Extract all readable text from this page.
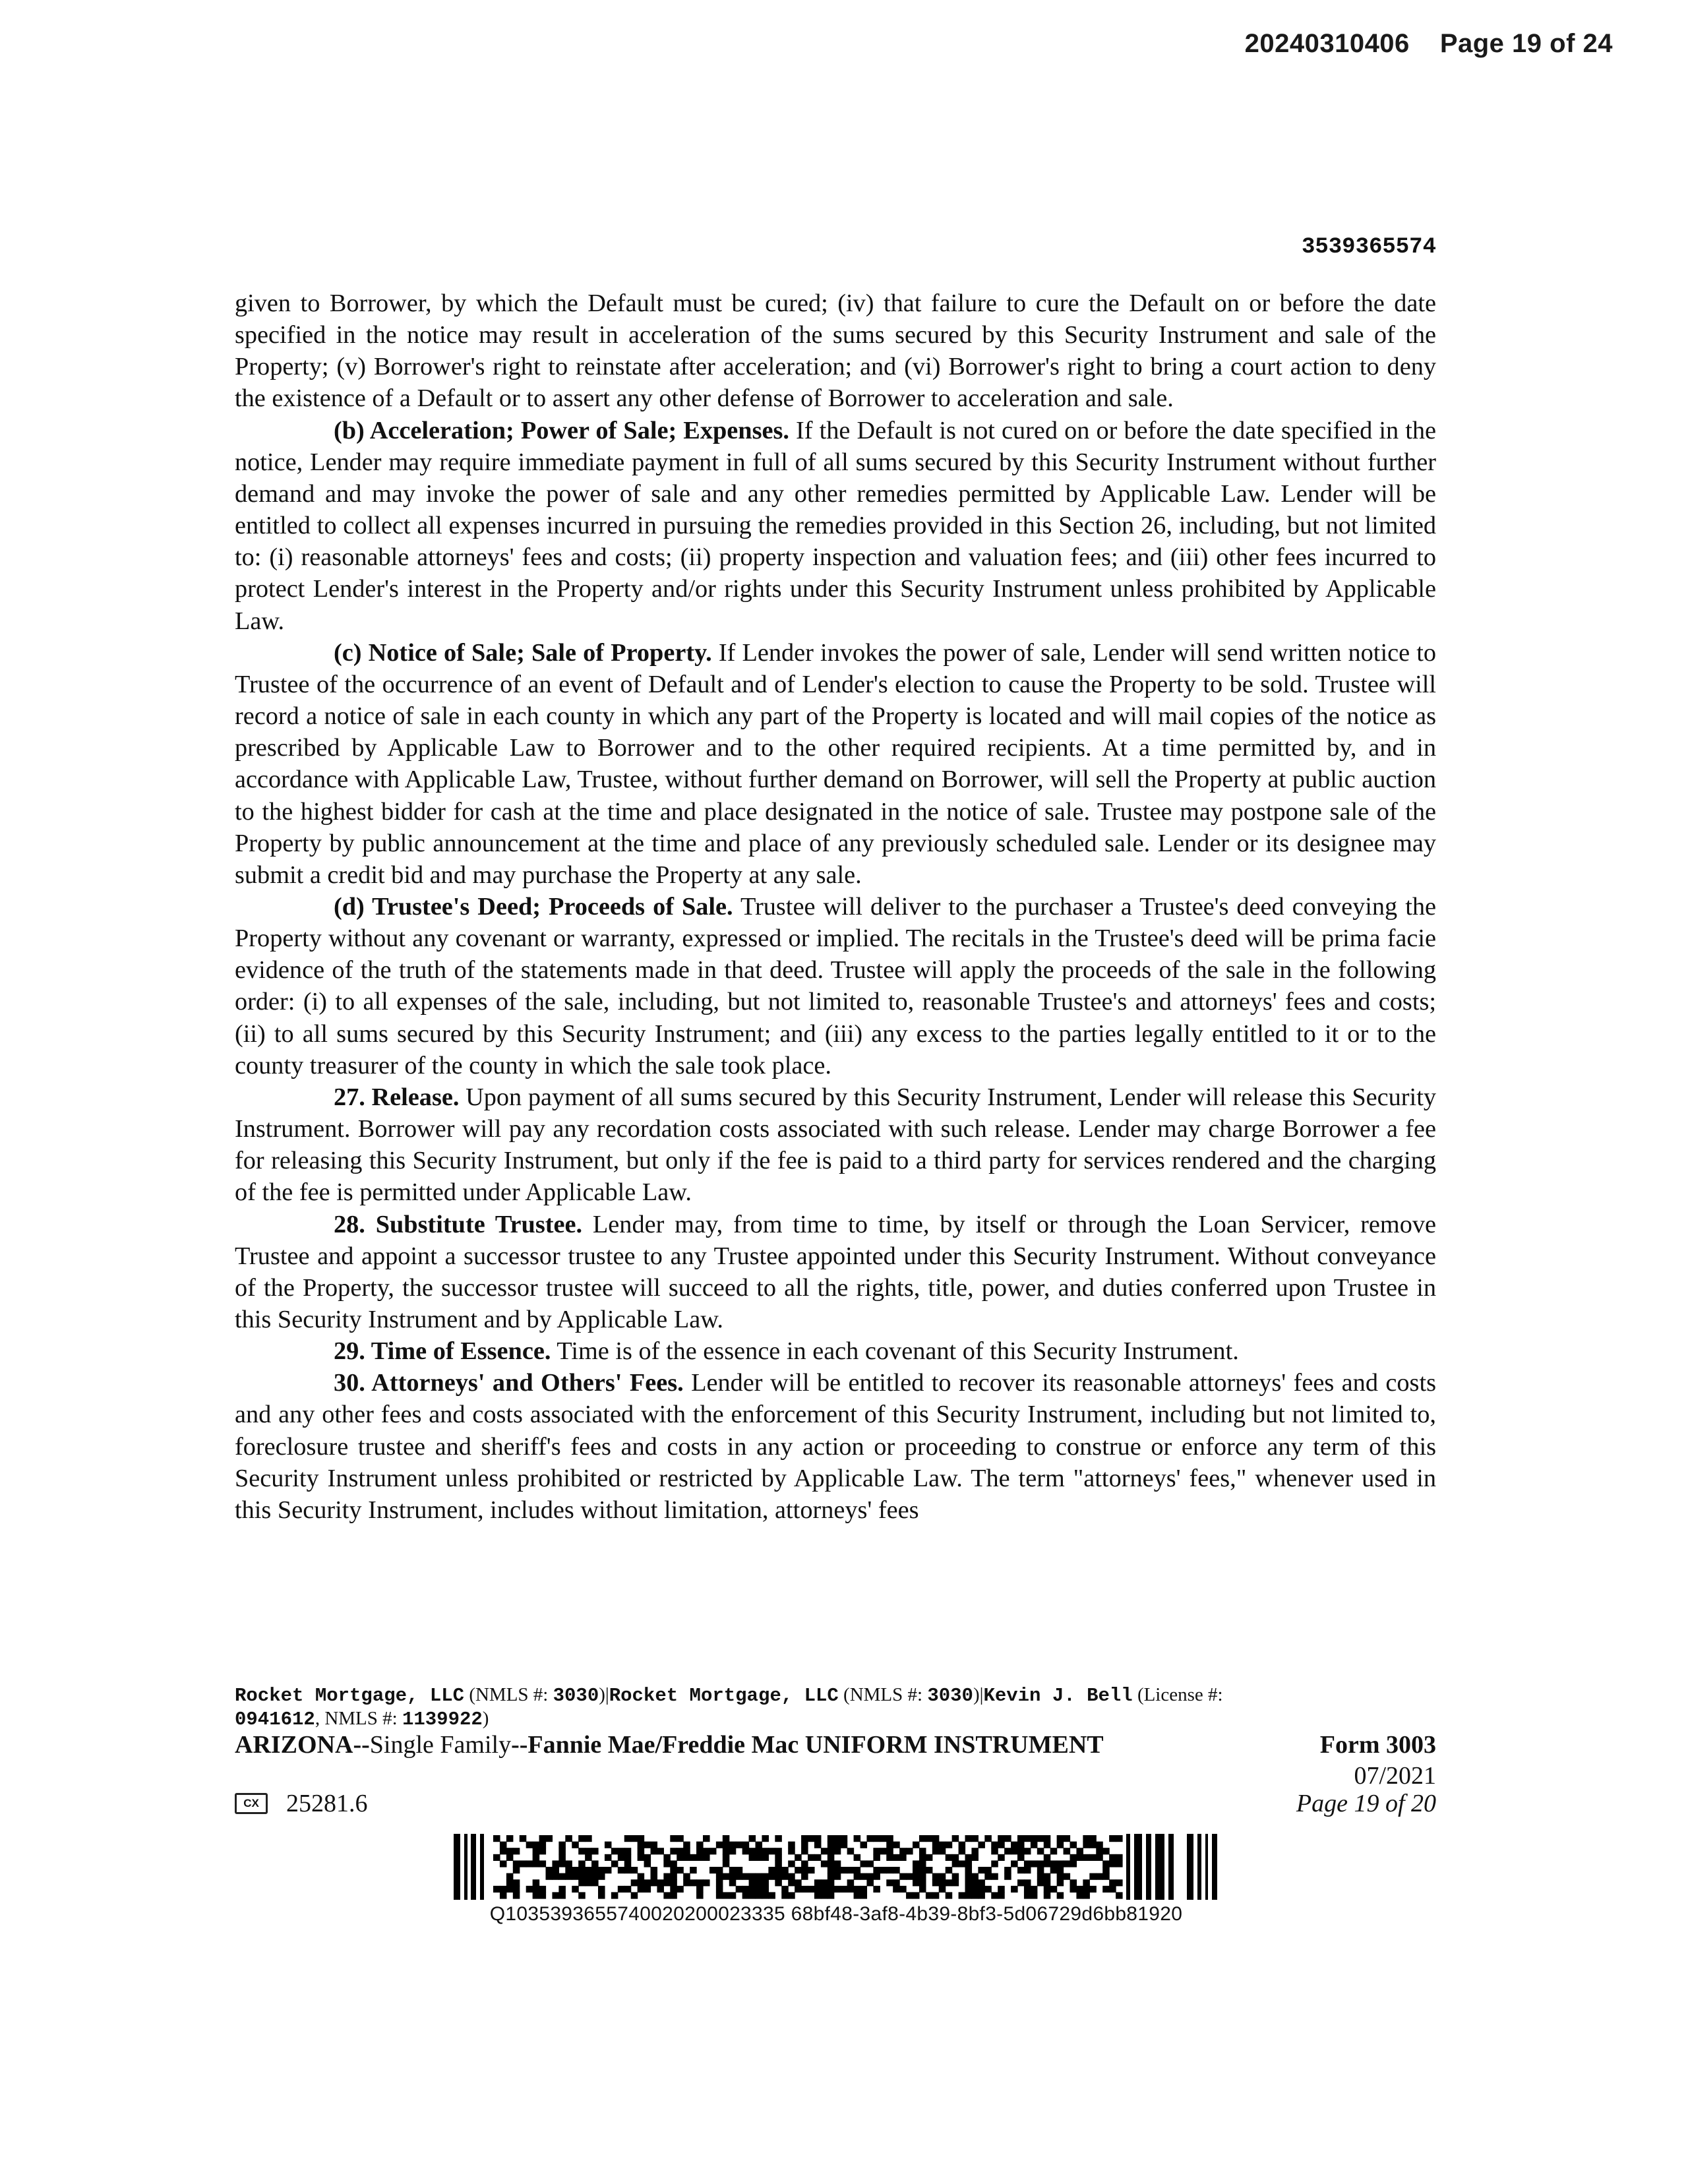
20240310406 Page 19 of 24
3539365574

given to Borrower, by which the Default must be cured; (iv) that failure to cure the Default on or before the date specified in the notice may result in acceleration of the sums secured by this Security Instrument and sale of the Property; (v) Borrower's right to reinstate after acceleration; and (vi) Borrower's right to bring a court action to deny the existence of a Default or to assert any other defense of Borrower to acceleration and sale.

(b) Acceleration; Power of Sale; Expenses. If the Default is not cured on or before the date specified in the notice, Lender may require immediate payment in full of all sums secured by this Security Instrument without further demand and may invoke the power of sale and any other remedies permitted by Applicable Law. Lender will be entitled to collect all expenses incurred in pursuing the remedies provided in this Section 26, including, but not limited to: (i) reasonable attorneys' fees and costs; (ii) property inspection and valuation fees; and (iii) other fees incurred to protect Lender's interest in the Property and/or rights under this Security Instrument unless prohibited by Applicable Law.

(c) Notice of Sale; Sale of Property. If Lender invokes the power of sale, Lender will send written notice to Trustee of the occurrence of an event of Default and of Lender's election to cause the Property to be sold. Trustee will record a notice of sale in each county in which any part of the Property is located and will mail copies of the notice as prescribed by Applicable Law to Borrower and to the other required recipients. At a time permitted by, and in accordance with Applicable Law, Trustee, without further demand on Borrower, will sell the Property at public auction to the highest bidder for cash at the time and place designated in the notice of sale. Trustee may postpone sale of the Property by public announcement at the time and place of any previously scheduled sale. Lender or its designee may submit a credit bid and may purchase the Property at any sale.

(d) Trustee's Deed; Proceeds of Sale. Trustee will deliver to the purchaser a Trustee's deed conveying the Property without any covenant or warranty, expressed or implied. The recitals in the Trustee's deed will be prima facie evidence of the truth of the statements made in that deed. Trustee will apply the proceeds of the sale in the following order: (i) to all expenses of the sale, including, but not limited to, reasonable Trustee's and attorneys' fees and costs; (ii) to all sums secured by this Security Instrument; and (iii) any excess to the parties legally entitled to it or to the county treasurer of the county in which the sale took place.

27. Release. Upon payment of all sums secured by this Security Instrument, Lender will release this Security Instrument. Borrower will pay any recordation costs associated with such release. Lender may charge Borrower a fee for releasing this Security Instrument, but only if the fee is paid to a third party for services rendered and the charging of the fee is permitted under Applicable Law.

28. Substitute Trustee. Lender may, from time to time, by itself or through the Loan Servicer, remove Trustee and appoint a successor trustee to any Trustee appointed under this Security Instrument. Without conveyance of the Property, the successor trustee will succeed to all the rights, title, power, and duties conferred upon Trustee in this Security Instrument and by Applicable Law.

29. Time of Essence. Time is of the essence in each covenant of this Security Instrument.

30. Attorneys' and Others' Fees. Lender will be entitled to recover its reasonable attorneys' fees and costs and any other fees and costs associated with the enforcement of this Security Instrument, including but not limited to, foreclosure trustee and sheriff's fees and costs in any action or proceeding to construe or enforce any term of this Security Instrument unless prohibited or restricted by Applicable Law. The term "attorneys' fees," whenever used in this Security Instrument, includes without limitation, attorneys' fees

Rocket Mortgage, LLC (NMLS #: 3030)|Rocket Mortgage, LLC (NMLS #: 3030)|Kevin J. Bell (License #:
0941612, NMLS #: 1139922)
ARIZONA--Single Family--Fannie Mae/Freddie Mac UNIFORM INSTRUMENT	Form 3003
07/2021
CX 25281.6	Page 19 of 20
Q1035393655740020200023335 68bf48-3af8-4b39-8bf3-5d06729d6bb81920
